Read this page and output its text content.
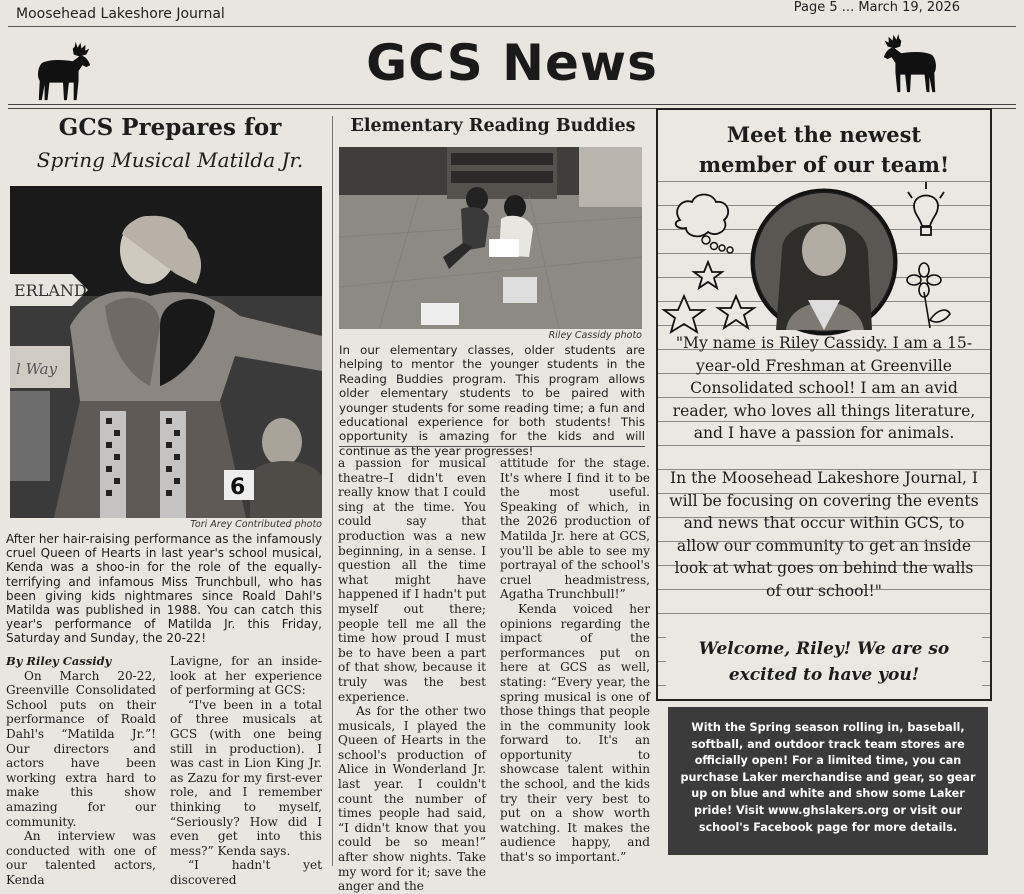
Moosehead Lakeshore Journal	Page 5 ... March 19, 2026
GCS News
GCS Prepares for
Spring Musical Matilda Jr.
ERLAND
l Way
6
Tori Arey Contributed photo
After her hair-raising performance as the infamously cruel Queen of Hearts in last year's school musical, Kenda was a shoo-in for the role of the equally-terrifying and infamous Miss Trunchbull, who has been giving kids nightmares since Roald Dahl's Matilda was published in 1988. You can catch this year's performance of Matilda Jr. this Friday, Saturday and Sunday, the 20-22!

By Riley Cassidy

On March 20-22, Greenville Consolidated School puts on their performance of Roald Dahl's “Matilda Jr.”! Our directors and actors have been working extra hard to make this show amazing for our community.

An interview was conducted with one of our talented actors, Kenda

Lavigne, for an inside-look at her experience of performing at GCS:

“I've been in a total of three musicals at GCS (with one being still in production). I was cast in Lion King Jr. as Zazu for my first-ever role, and I remember thinking to myself, “Seriously? How did I even get into this mess?” Kenda says.

“I hadn't yet discovered

Elementary Reading Buddies
Riley Cassidy photo
In our elementary classes, older students are helping to mentor the younger students in the Reading Buddies program. This program allows older elementary students to be paired with younger students for some reading time; a fun and educational experience for both students! This opportunity is amazing for the kids and will continue as the year progresses!

a passion for musical theatre–I didn't even really know that I could sing at the time. You could say that production was a new beginning, in a sense. I question all the time what might have happened if I hadn't put myself out there; people tell me all the time how proud I must be to have been a part of that show, because it truly was the best experience.

As for the other two musicals, I played the Queen of Hearts in the school's production of Alice in Wonderland Jr. last year. I couldn't count the number of times people had said, “I didn't know that you could be so mean!” after show nights. Take my word for it; save the anger and the

attitude for the stage. It's where I find it to be the most useful. Speaking of which, in the 2026 production of Matilda Jr. here at GCS, you'll be able to see my portrayal of the school's cruel headmistress, Agatha Trunchbull!”

Kenda voiced her opinions regarding the impact of the performances put on here at GCS as well, stating: “Every year, the spring musical is one of those things that people in the community look forward to. It's an opportunity to showcase talent within the school, and the kids try their very best to put on a show worth watching. It makes the audience happy, and that's so important.”

Meet the newest
member of our team!
"My name is Riley Cassidy. I am a 15-year-old Freshman at Greenville Consolidated school! I am an avid reader, who loves all things literature, and I have a passion for animals.
In the Moosehead Lakeshore Journal, I will be focusing on covering the events and news that occur within GCS, to allow our community to get an inside look at what goes on behind the walls of our school!"
Welcome, Riley! We are so excited to have you!
With the Spring season rolling in, baseball, softball, and outdoor track team stores are officially open! For a limited time, you can purchase Laker merchandise and gear, so gear up on blue and white and show some Laker pride! Visit www.ghslakers.org or visit our school's Facebook page for more details.
